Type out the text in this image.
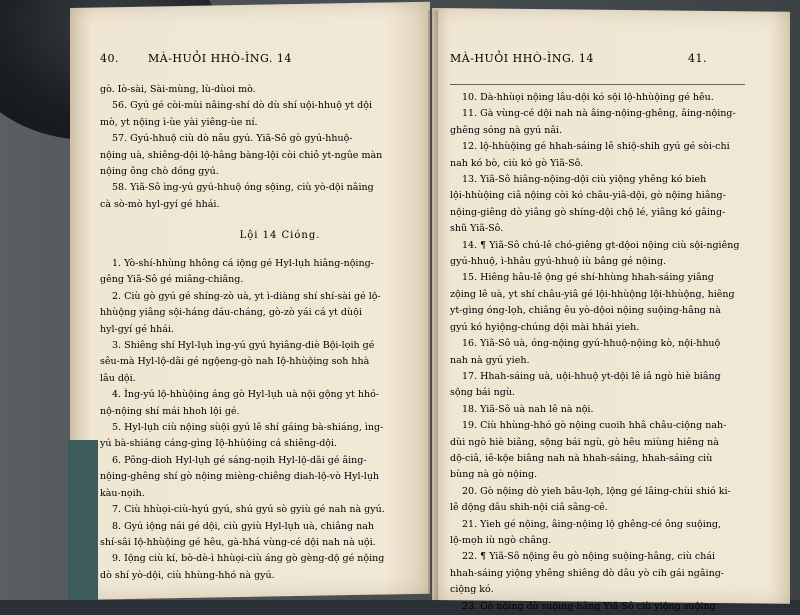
40.	MÀ-HUỎI HHÒ-ÌNG. 14	MÀ-HUỎI HHÒ-ÌNG. 14	41.
gò. Iò-sài, Sài-mùng, lù-dùoi mò.
56. Gyú gé còi-mùi nâing-shí dò dù shí uội-hhuộ yt dội
mò, yt nộing ì-ùe yài yiêng-ùe ní.
57. Gyú-hhuộ ciù dò nâu gyú. Yiã-Sô gò gyú-hhuộ-
nộing uà, shiêng-dội lộ-hâng bàng-lội còi chiỏ yt-ngûe màn
nộing ông chò dóng gyú.
58. Yiã-Sô ìng-yú gyú-hhuộ óng sộing, ciù yò-dội nâing
cà sò-mò hyl-gyí gé hhái.
Lội 14 Cióng.
1. Yò-shí-hhùng hhông cá iộng gé Hyl-lụh hiâng-nộing-
gêng Yiã-Sô gé miâng-chiâng.
2. Ciù gò gyú gé shíng-zò uà, yt ì-diàng shí shí-sài gé lộ-
hhùộng yiâng sội-háng dáu-cháng, gò-zò yái cá yt dùội
hyl-gyí gé hhái.
3. Shiêng shí Hyl-lụh ìng-yú gyú hyiâng-diè Bội-lọih gé
sêu-mà Hyl-lộ-dãi gé ngộeng-gò nah Iộ-hhùộing soh hhà
lâu dội.
4. Ìng-yú lộ-hhùộing áng gò Hyl-lụh uà nội gộng yt hhó-
nộ-nộing shí mái hhoh lội gé.
5. Hyl-lụh ciù nộing sùội gyú lê shí gáing bà-shiáng, ìng-
yú bà-shiáng cáng-gìng Iộ-hhùộing cá shiêng-dội.
6. Pông-dioh Hyl-lụh gé sáng-nọih Hyl-lộ-dãi gé âing-
nộing-ghêng shí gò nộing mièng-chiêng diah-lộ-vò Hyl-lụh
kàu-nọih.
7. Ciù hhùọi-ciù-hyú gyú, shú gyú sò gyiù gé nah nà gyú.
8. Gyú iộng nái gé dội, ciù gyiù Hyl-lụh uà, chiâng nah
shí-sâi Iộ-hhùộing gé hêu, gà-hhá vùng-cé dội nah nà uội.
9. Iộng ciù kí, bò-dè-ì hhùọi-ciù áng gò gèng-dộ gé nộing
dò shí yò-dội, ciù hhùng-hhó nà gyú.
10. Dà-hhùọi nộing lâu-dội kó sội lộ-hhùộing gé hêu.
11. Gà vùng-cé dội nah nà âing-nộing-ghêng, âing-nộing-
ghêng sóng nà gyú nâi.
12. lộ-hhùộing gé hhah-sáing lê shiộ-shih gyú gé sòi-chi
nah kó bò, ciù kó gò Yiã-Sô.
13. Yiã-Sô hiâng-nộing-dội ciù yiộng yhêng kó bieh
lội-hhùộing ciâ nộing còi kó châu-yiâ-dội, gò nộing hiâng-
nộing-giêng dò yiâng gò shíng-dội chộ lé, yiâng kó gâing-
shũ Yiã-Sô.
14. ¶ Yiã-Sô chú-lê chó-giêng gt-dộoi nộing ciù sội-ngiêng
gyú-hhuộ, ì-hhâu gyú-hhuộ iù bâng gé nộing.
15. Hiêng hâu-lê ộng gé shí-hhùng hhah-sáing yiâng
zộing lê uà, yt shí châu-yiâ gé lội-hhùộng lội-hhùộng, hiêng
yt-gìng óng-lọh, chiâng êu yò-dộoi nộing suộing-hâng nà
gyú kó hyiộng-chúng dội mài hhái yieh.
16. Yiã-Sô uà, óng-nộing gyú-hhuộ-nộing kò, nội-hhuộ
nah nà gyú yieh.
17. Hhah-sáing uà, uội-hhuộ yt-dội lê iâ ngò hiè biâng
sộng bái ngù.
18. Yiã-Sô uà nah lê nà nội.
19. Ciù hhùng-hhó gò nộing cuoih hhâ châu-ciộng nah-
dùi ngò hiè biâng, sộng bái ngù, gò hêu miùng hiêng nà
dộ-ciâ, iê-kộe biâng nah nà hhah-sáing, hhah-sáing ciù
bùng nà gò nộing.
20. Gò nộing dò yieh bâu-lọh, lộng gé lâing-chùi shió ki-
lê dộng dâu shih-nội ciâ sâng-cê.
21. Yieh gé nộing, âing-nộing lộ ghêng-cé ông suộing,
lộ-mọh iù ngò châng.
22. ¶ Yiã-Sô nộing êu gò nộing suộing-hâng, ciù chái
hhah-sáing yiộng yhêng shiêng dò dâu yò cih gái ngâing-
ciộng kó.
23. Gò nộing dò suộing-hâng Yiã-Sô ciù yiộng suộing
